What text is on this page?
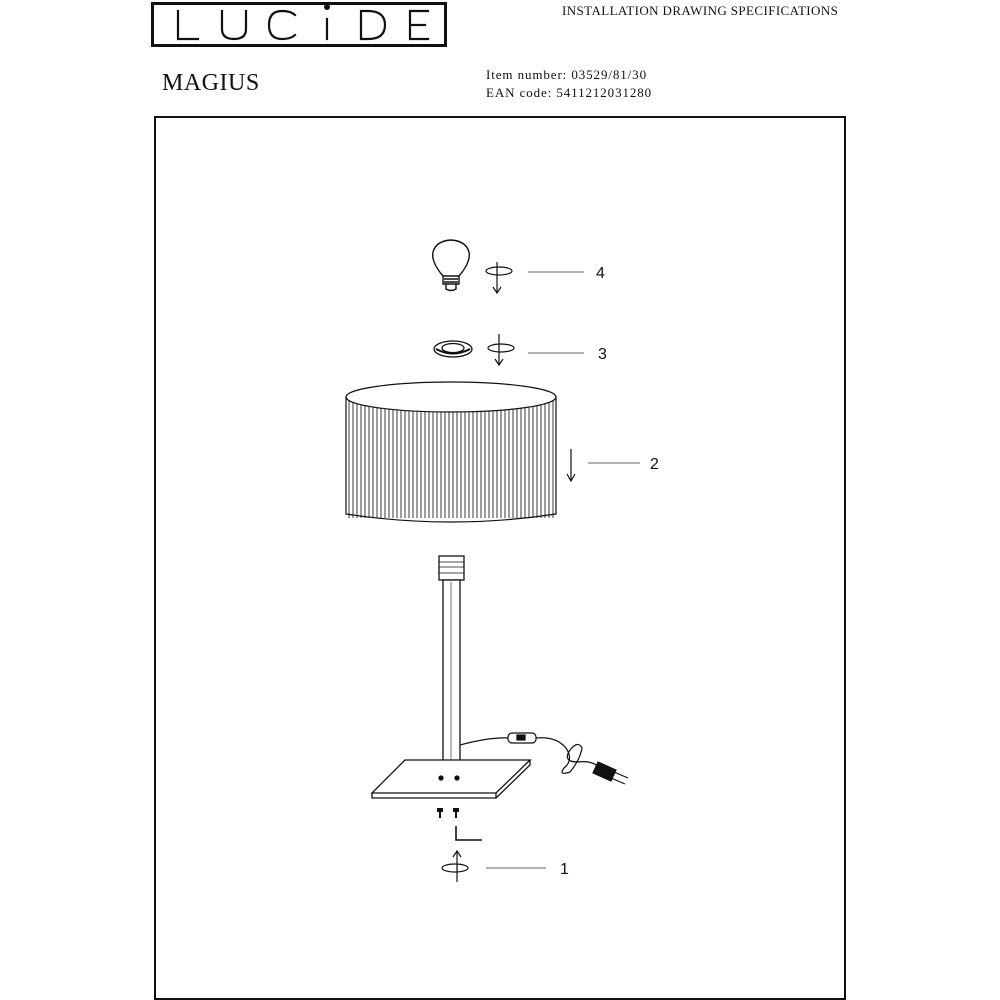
INSTALLATION DRAWING SPECIFICATIONS
MAGIUS	Item number: 03529/81/30
EAN code: 5411212031280
4
3
2
1
